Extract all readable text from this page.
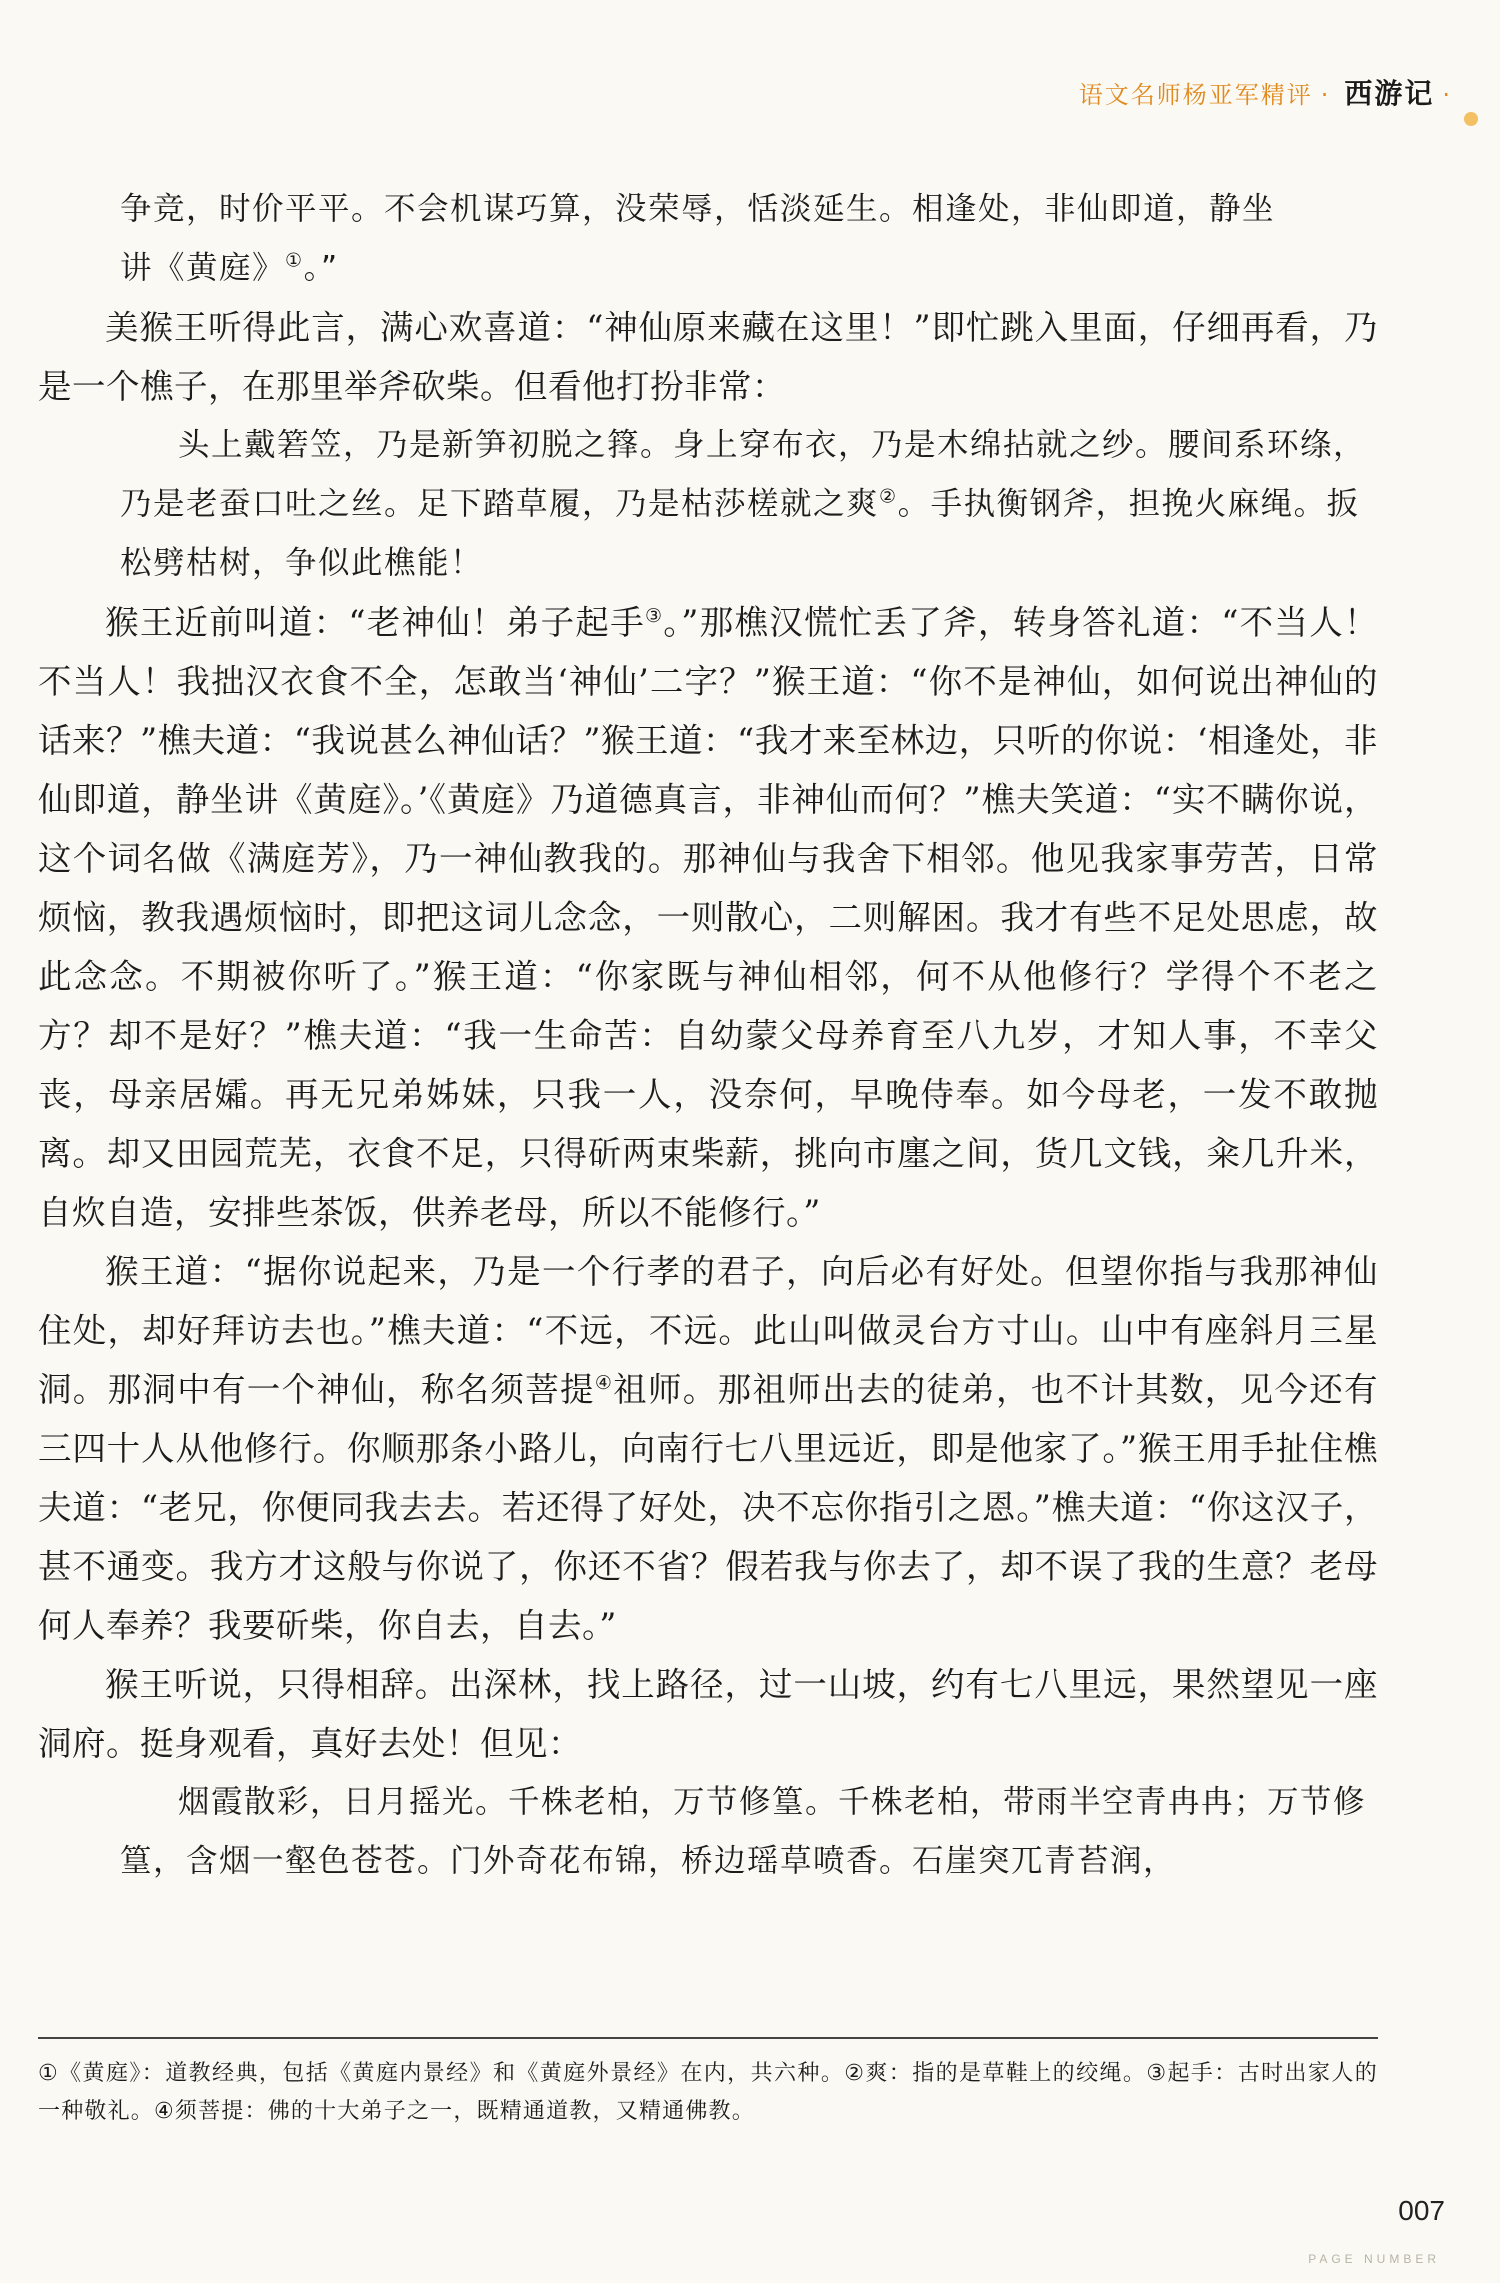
语文名师杨亚军精评 · 西游记 ·

争竞，时价平平。不会机谋巧算，没荣辱，恬淡延生。相逢处，非仙即道，静坐
讲《黄庭》①。”

美猴王听得此言，满心欢喜道：“神仙原来藏在这里！”即忙跳入里面，仔细再看，乃是一个樵子，在那里举斧砍柴。但看他打扮非常：

头上戴箬笠，乃是新笋初脱之箨。身上穿布衣，乃是木绵拈就之纱。腰间系环绦，乃是老蚕口吐之丝。足下踏草履，乃是枯莎槎就之爽②。手执衡钢斧，担挽火麻绳。扳松劈枯树，争似此樵能！

猴王近前叫道：“老神仙！弟子起手③。”那樵汉慌忙丢了斧，转身答礼道：“不当人！不当人！我拙汉衣食不全，怎敢当‘神仙’二字？”猴王道：“你不是神仙，如何说出神仙的话来？”樵夫道：“我说甚么神仙话？”猴王道：“我才来至林边，只听的你说：‘相逢处，非仙即道，静坐讲《黄庭》。’《黄庭》乃道德真言，非神仙而何？”樵夫笑道：“实不瞒你说，这个词名做《满庭芳》，乃一神仙教我的。那神仙与我舍下相邻。他见我家事劳苦，日常烦恼，教我遇烦恼时，即把这词儿念念，一则散心，二则解困。我才有些不足处思虑，故此念念。不期被你听了。”猴王道：“你家既与神仙相邻，何不从他修行？学得个不老之方？却不是好？”樵夫道：“我一生命苦：自幼蒙父母养育至八九岁，才知人事，不幸父丧，母亲居孀。再无兄弟姊妹，只我一人，没奈何，早晚侍奉。如今母老，一发不敢抛离。却又田园荒芜，衣食不足，只得斫两束柴薪，挑向市廛之间，货几文钱，籴几升米，自炊自造，安排些茶饭，供养老母，所以不能修行。”

猴王道：“据你说起来，乃是一个行孝的君子，向后必有好处。但望你指与我那神仙住处，却好拜访去也。”樵夫道：“不远，不远。此山叫做灵台方寸山。山中有座斜月三星洞。那洞中有一个神仙，称名须菩提④祖师。那祖师出去的徒弟，也不计其数，见今还有三四十人从他修行。你顺那条小路儿，向南行七八里远近，即是他家了。”猴王用手扯住樵夫道：“老兄，你便同我去去。若还得了好处，决不忘你指引之恩。”樵夫道：“你这汉子，甚不通变。我方才这般与你说了，你还不省？假若我与你去了，却不误了我的生意？老母何人奉养？我要斫柴，你自去，自去。”

猴王听说，只得相辞。出深林，找上路径，过一山坡，约有七八里远，果然望见一座洞府。挺身观看，真好去处！但见：

烟霞散彩，日月摇光。千株老柏，万节修篁。千株老柏，带雨半空青冉冉；万节修篁，含烟一壑色苍苍。门外奇花布锦，桥边瑶草喷香。石崖突兀青苔润，

①《黄庭》：道教经典，包括《黄庭内景经》和《黄庭外景经》在内，共六种。②爽：指的是草鞋上的绞绳。③起手：古时出家人的一种敬礼。④须菩提：佛的十大弟子之一，既精通道教，又精通佛教。
007
PAGE NUMBER
